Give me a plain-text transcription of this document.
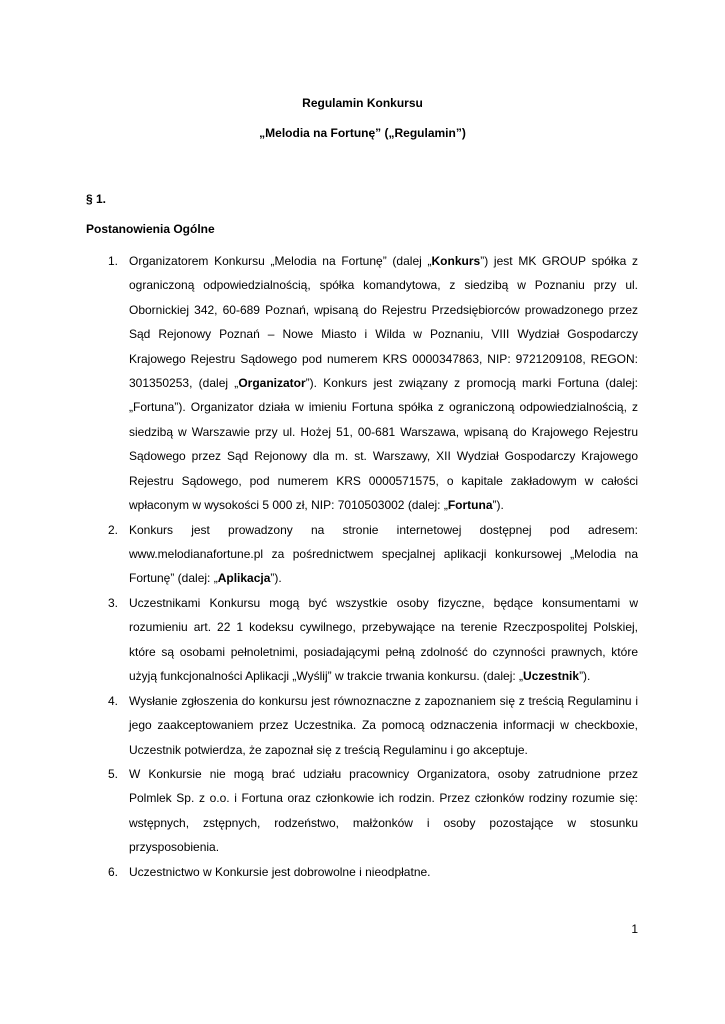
Regulamin Konkursu
„Melodia na Fortunę” („Regulamin”)
§ 1.
Postanowienia Ogólne
1. Organizatorem Konkursu „Melodia na Fortunę” (dalej „Konkurs”) jest MK GROUP spółka z
ograniczoną odpowiedzialnością, spółka komandytowa, z siedzibą w Poznaniu przy ul.
Obornickiej 342, 60-689 Poznań, wpisaną do Rejestru Przedsiębiorców prowadzonego przez
Sąd Rejonowy Poznań – Nowe Miasto i Wilda w Poznaniu, VIII Wydział Gospodarczy
Krajowego Rejestru Sądowego pod numerem KRS 0000347863, NIP: 9721209108, REGON:
301350253, (dalej „Organizator”). Konkurs jest związany z promocją marki Fortuna (dalej:
„Fortuna”). Organizator działa w imieniu Fortuna spółka z ograniczoną odpowiedzialnością, z
siedzibą w Warszawie przy ul. Hożej 51, 00-681 Warszawa, wpisaną do Krajowego Rejestru
Sądowego przez Sąd Rejonowy dla m. st. Warszawy, XII Wydział Gospodarczy Krajowego
Rejestru Sądowego, pod numerem KRS 0000571575, o kapitale zakładowym w całości
wpłaconym w wysokości 5 000 zł, NIP: 7010503002 (dalej: „Fortuna”).
2. Konkurs jest prowadzony na stronie internetowej dostępnej pod adresem:
www.melodianafortune.pl za pośrednictwem specjalnej aplikacji konkursowej „Melodia na
Fortunę” (dalej: „Aplikacja”).
3. Uczestnikami Konkursu mogą być wszystkie osoby fizyczne, będące konsumentami w
rozumieniu art. 22 1 kodeksu cywilnego, przebywające na terenie Rzeczpospolitej Polskiej,
które są osobami pełnoletnimi, posiadającymi pełną zdolność do czynności prawnych, które
użyją funkcjonalności Aplikacji „Wyślij” w trakcie trwania konkursu. (dalej: „Uczestnik”).
4. Wysłanie zgłoszenia do konkursu jest równoznaczne z zapoznaniem się z treścią Regulaminu i
jego zaakceptowaniem przez Uczestnika. Za pomocą odznaczenia informacji w checkboxie,
Uczestnik potwierdza, że zapoznał się z treścią Regulaminu i go akceptuje.
5. W Konkursie nie mogą brać udziału pracownicy Organizatora, osoby zatrudnione przez
Polmlek Sp. z o.o. i Fortuna oraz członkowie ich rodzin. Przez członków rodziny rozumie się:
wstępnych, zstępnych, rodzeństwo, małżonków i osoby pozostające w stosunku
przysposobienia.
6. Uczestnictwo w Konkursie jest dobrowolne i nieodpłatne.
1
